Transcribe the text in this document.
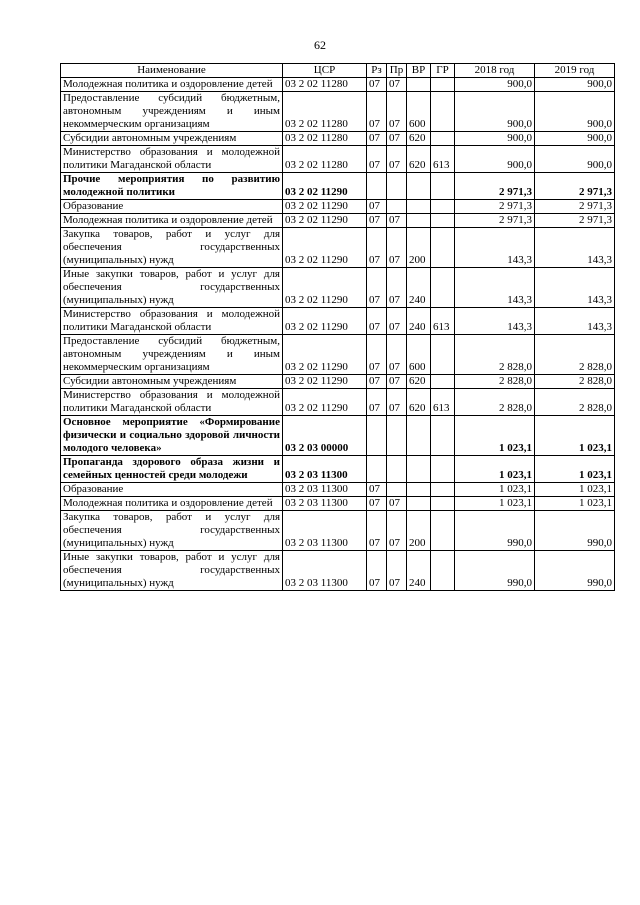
62
Наименование	ЦСР	Рз	Пр	ВР	ГР	2018 год	2019 год
Молодежная политика и оздоровление детей	03 2 02 11280	07	07			900,0	900,0
Предоставление субсидий бюджетным, автономным учреждениям и иным некоммерческим организациям	03 2 02 11280	07	07	600		900,0	900,0
Субсидии автономным учреждениям	03 2 02 11280	07	07	620		900,0	900,0
Министерство образования и молодежной политики Магаданской области	03 2 02 11280	07	07	620	613	900,0	900,0
Прочие мероприятия по развитию молодежной политики	03 2 02 11290					2 971,3	2 971,3
Образование	03 2 02 11290	07				2 971,3	2 971,3
Молодежная политика и оздоровление детей	03 2 02 11290	07	07			2 971,3	2 971,3
Закупка товаров, работ и услуг для обеспечения государственных (муниципальных) нужд	03 2 02 11290	07	07	200		143,3	143,3
Иные закупки товаров, работ и услуг для обеспечения государственных (муниципальных) нужд	03 2 02 11290	07	07	240		143,3	143,3
Министерство образования и молодежной политики Магаданской области	03 2 02 11290	07	07	240	613	143,3	143,3
Предоставление субсидий бюджетным, автономным учреждениям и иным некоммерческим организациям	03 2 02 11290	07	07	600		2 828,0	2 828,0
Субсидии автономным учреждениям	03 2 02 11290	07	07	620		2 828,0	2 828,0
Министерство образования и молодежной политики Магаданской области	03 2 02 11290	07	07	620	613	2 828,0	2 828,0
Основное мероприятие «Формирование физически и социально здоровой личности молодого человека»	03 2 03 00000					1 023,1	1 023,1
Пропаганда здорового образа жизни и семейных ценностей среди молодежи	03 2 03 11300					1 023,1	1 023,1
Образование	03 2 03 11300	07				1 023,1	1 023,1
Молодежная политика и оздоровление детей	03 2 03 11300	07	07			1 023,1	1 023,1
Закупка товаров, работ и услуг для обеспечения государственных (муниципальных) нужд	03 2 03 11300	07	07	200		990,0	990,0
Иные закупки товаров, работ и услуг для обеспечения государственных (муниципальных) нужд	03 2 03 11300	07	07	240		990,0	990,0
